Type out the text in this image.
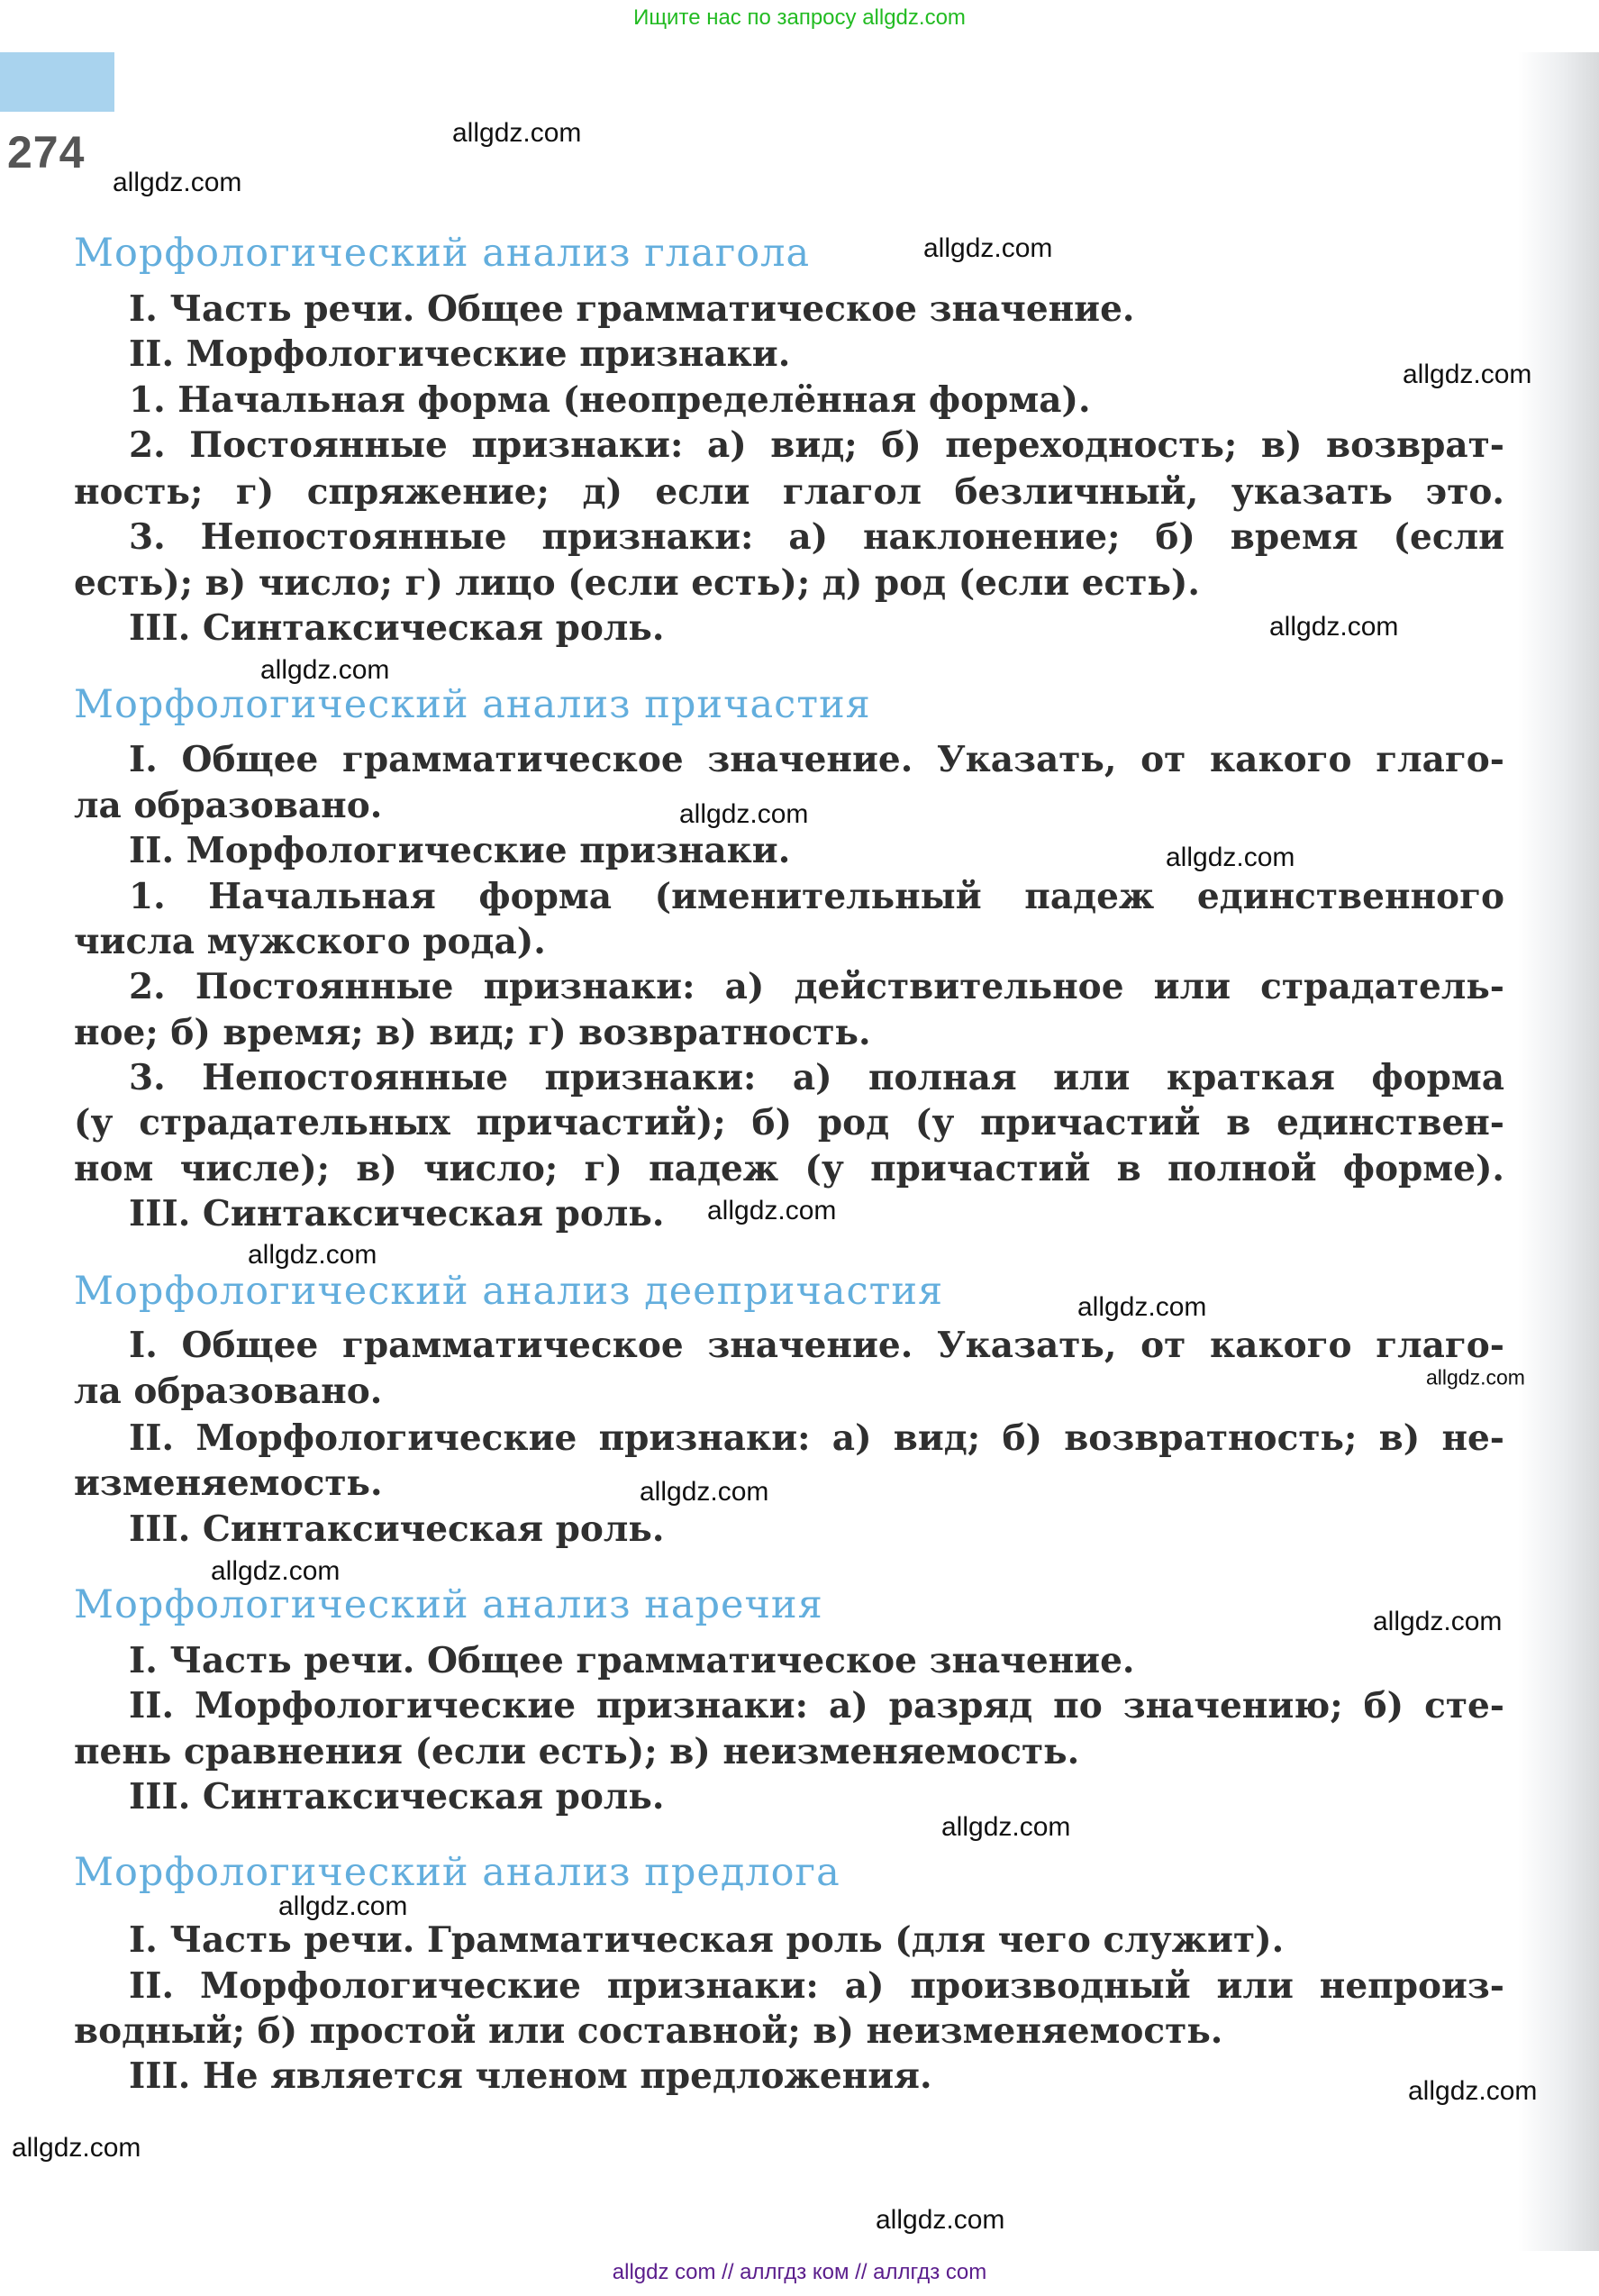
Ищите нас по запросу allgdz.com
274
Морфологический анализ глагола
I. Часть речи. Общее грамматическое значение.
II. Морфологические признаки.
1. Начальная форма (неопределённая форма).
2. Постоянные признаки: а) вид; б) переходность; в) возврат-
ность; г) спряжение; д) если глагол безличный, указать это.
3. Непостоянные признаки: а) наклонение; б) время (если
есть); в) число; г) лицо (если есть); д) род (если есть).
III. Синтаксическая роль.
Морфологический анализ причастия
I. Общее грамматическое значение. Указать, от какого глаго-
ла образовано.
II. Морфологические признаки.
1. Начальная форма (именительный падеж единственного
числа мужского рода).
2. Постоянные признаки: а) действительное или страдатель-
ное; б) время; в) вид; г) возвратность.
3. Непостоянные признаки: а) полная или краткая форма
(у страдательных причастий); б) род (у причастий в единствен-
ном числе); в) число; г) падеж (у причастий в полной форме).
III. Синтаксическая роль.
Морфологический анализ деепричастия
I. Общее грамматическое значение. Указать, от какого глаго-
ла образовано.
II. Морфологические признаки: а) вид; б) возвратность; в) не-
изменяемость.
III. Синтаксическая роль.
Морфологический анализ наречия
I. Часть речи. Общее грамматическое значение.
II. Морфологические признаки: а) разряд по значению; б) сте-
пень сравнения (если есть); в) неизменяемость.
III. Синтаксическая роль.
Морфологический анализ предлога
I. Часть речи. Грамматическая роль (для чего служит).
II. Морфологические признаки: а) производный или непроиз-
водный; б) простой или составной; в) неизменяемость.
III. Не является членом предложения.
allgdz.com
allgdz.com
allgdz.com
allgdz.com
allgdz.com
allgdz.com
allgdz.com
allgdz.com
allgdz.com
allgdz.com
allgdz.com
allgdz.com
allgdz.com
allgdz.com
allgdz.com
allgdz.com
allgdz.com
allgdz.com
allgdz.com
allgdz.com
allgdz com // аллгдз ком // аллгдз com
